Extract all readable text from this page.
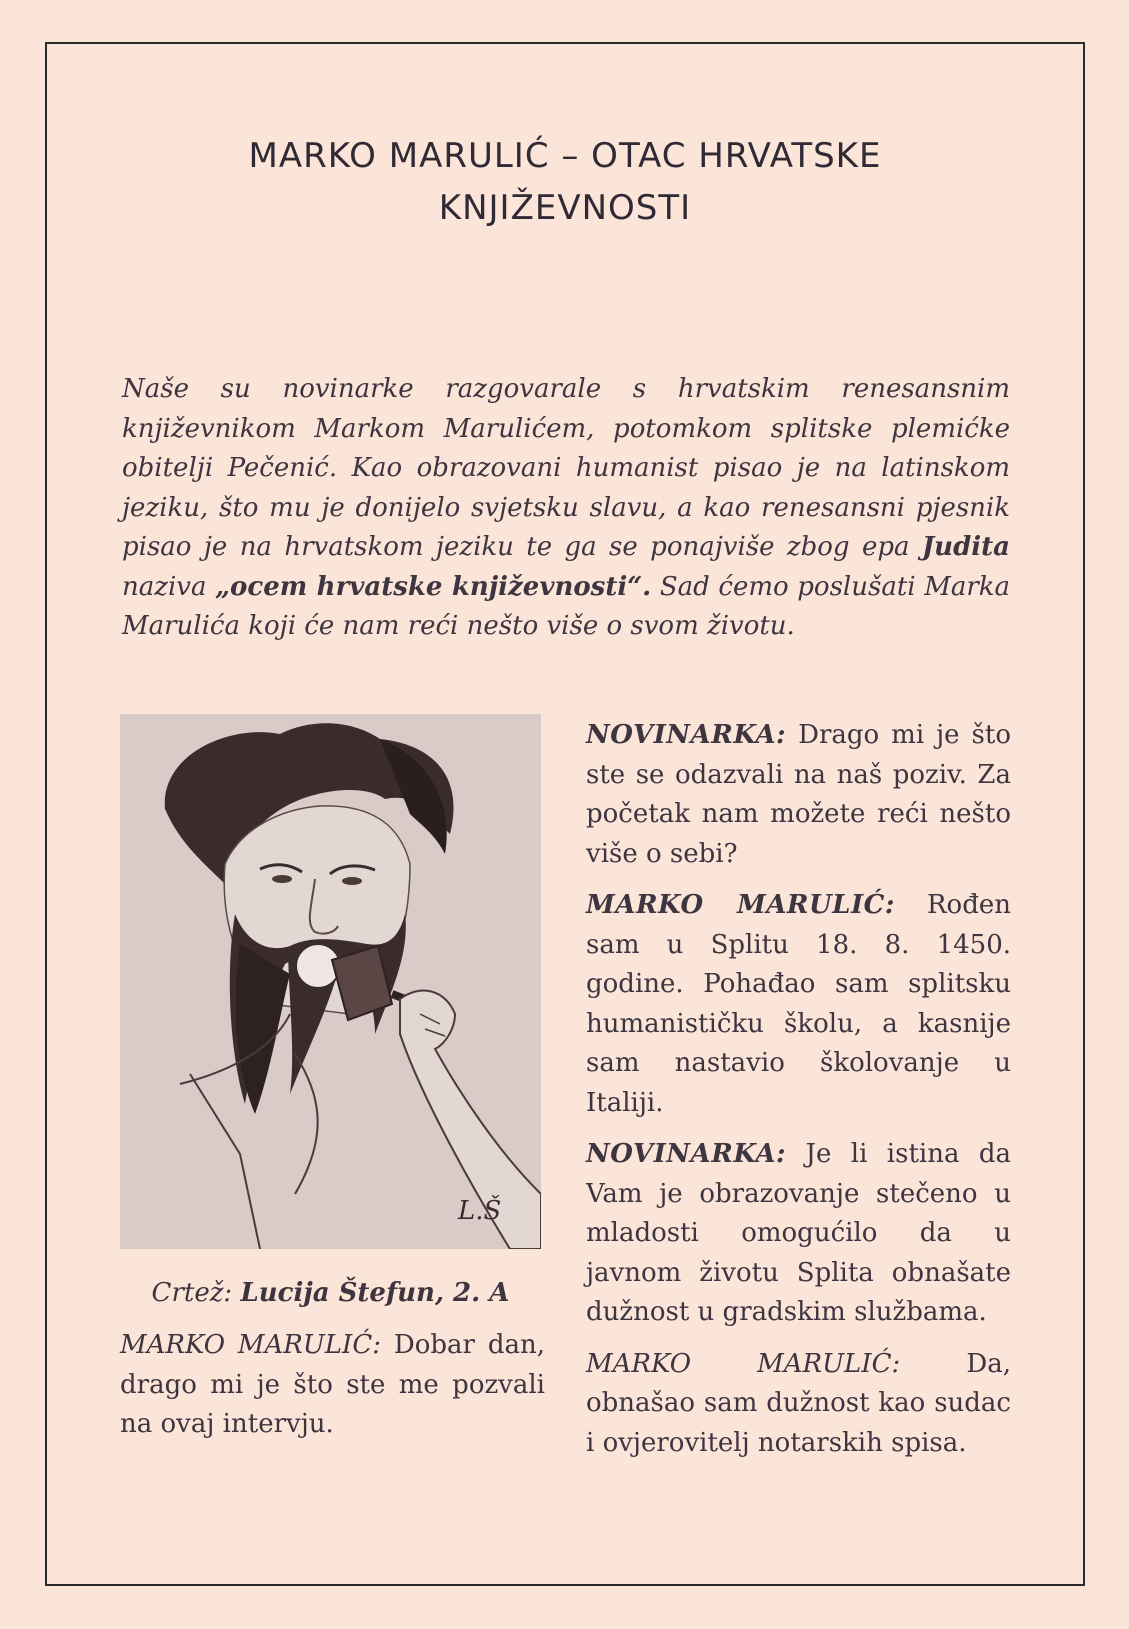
MARKO MARULIĆ – OTAC HRVATSKE
KNJIŽEVNOSTI

Naše su novinarke razgovarale s hrvatskim renesansnim književnikom Markom Marulićem, potomkom splitske plemićke obitelji Pečenić. Kao obrazovani humanist pisao je na latinskom jeziku, što mu je donijelo svjetsku slavu, a kao renesansni pjesnik pisao je na hrvatskom jeziku te ga se ponajviše zbog epa Judita naziva „ocem hrvatske književnosti“. Sad ćemo poslušati Marka Marulića koji će nam reći nešto više o svom životu.

L.Š
Crtež: Lucija Štefun, 2. A

MARKO MARULIĆ: Dobar dan, drago mi je što ste me pozvali na ovaj intervju.

NOVINARKA: Drago mi je što ste se odazvali na naš poziv. Za početak nam možete reći nešto više o sebi?

MARKO MARULIĆ: Rođen sam u Splitu 18. 8. 1450. godine. Pohađao sam splitsku humanističku školu, a kasnije sam nastavio školovanje u Italiji.

NOVINARKA: Je li istina da Vam je obrazovanje stečeno u mladosti omogućilo da u javnom životu Splita obnašate dužnost u gradskim službama.

MARKO MARULIĆ: Da, obnašao sam dužnost kao sudac i ovjerovitelj notarskih spisa.
